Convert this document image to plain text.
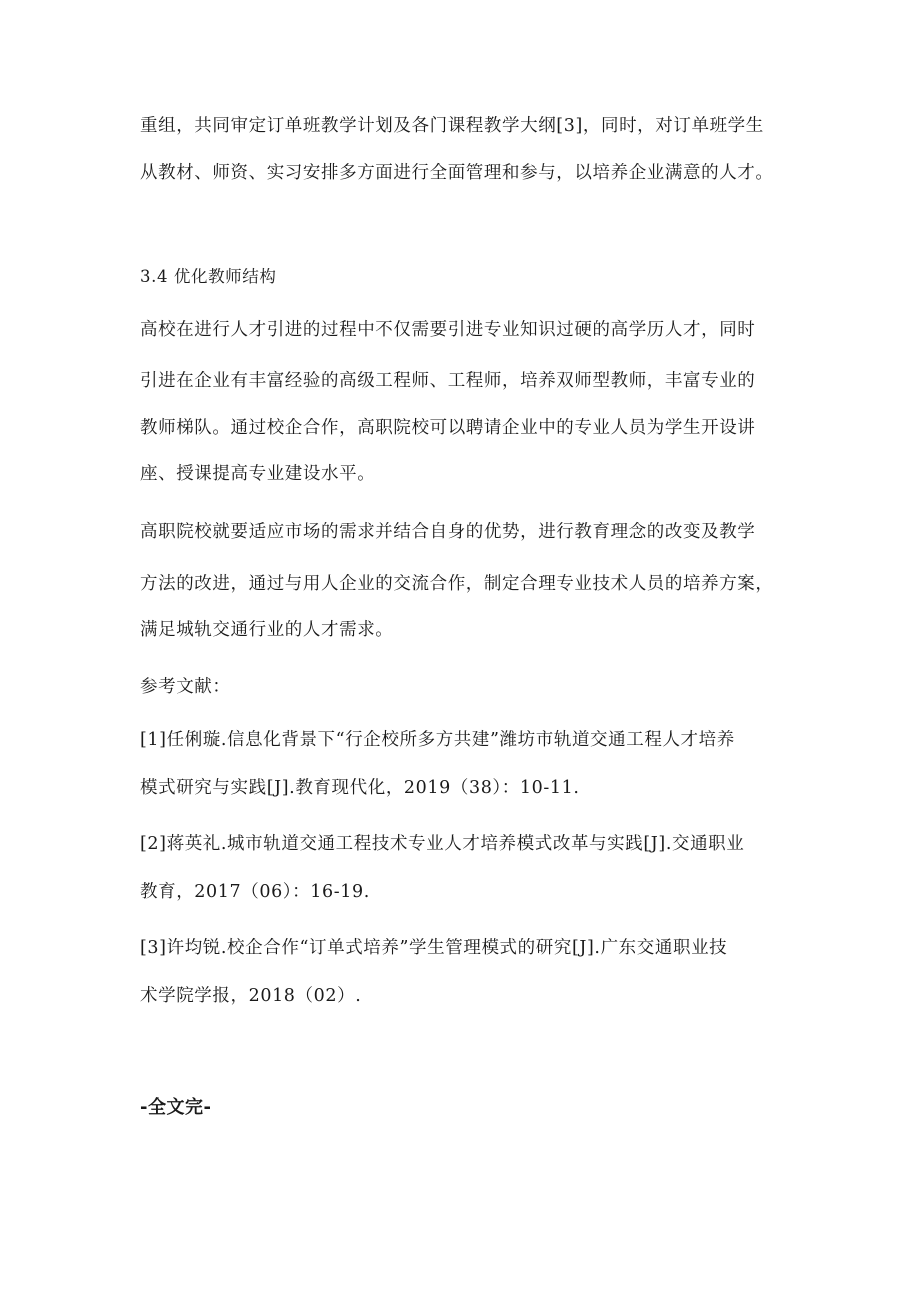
重组，共同审定订单班教学计划及各门课程教学大纲[3]，同时，对订单班学生
从教材、师资、实习安排多方面进行全面管理和参与，以培养企业满意的人才。
3.4 优化教师结构
高校在进行人才引进的过程中不仅需要引进专业知识过硬的高学历人才，同时
引进在企业有丰富经验的高级工程师、工程师，培养双师型教师，丰富专业的
教师梯队。通过校企合作，高职院校可以聘请企业中的专业人员为学生开设讲
座、授课提高专业建设水平。
高职院校就要适应市场的需求并结合自身的优势，进行教育理念的改变及教学
方法的改进，通过与用人企业的交流合作，制定合理专业技术人员的培养方案，
满足城轨交通行业的人才需求。
参考文献：
[1]任俐璇.信息化背景下“行企校所多方共建”潍坊市轨道交通工程人才培养
模式研究与实践[J].教育现代化，2019（38）：10-11.
[2]蒋英礼.城市轨道交通工程技术专业人才培养模式改革与实践[J].交通职业
教育，2017（06）：16-19.
[3]许均锐.校企合作“订单式培养”学生管理模式的研究[J].广东交通职业技
术学院学报，2018（02）.
-全文完-
